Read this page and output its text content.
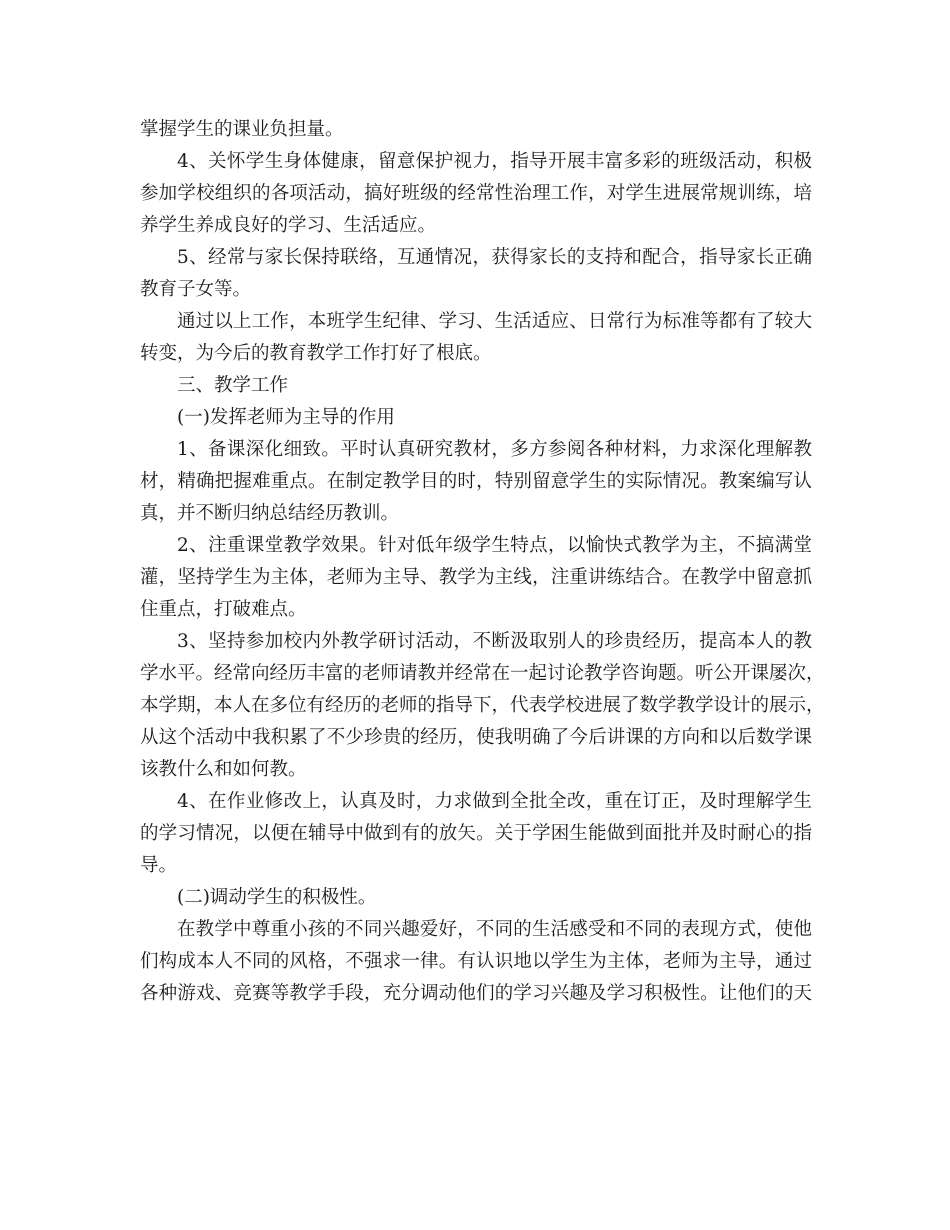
掌握学生的课业负担量。

4、关怀学生身体健康，留意保护视力，指导开展丰富多彩的班级活动，积极

参加学校组织的各项活动，搞好班级的经常性治理工作，对学生进展常规训练，培

养学生养成良好的学习、生活适应。

5、经常与家长保持联络，互通情况，获得家长的支持和配合，指导家长正确

教育子女等。

通过以上工作，本班学生纪律、学习、生活适应、日常行为标准等都有了较大

转变，为今后的教育教学工作打好了根底。

三、教学工作

(一)发挥老师为主导的作用

1、备课深化细致。平时认真研究教材，多方参阅各种材料，力求深化理解教

材，精确把握难重点。在制定教学目的时，特别留意学生的实际情况。教案编写认

真，并不断归纳总结经历教训。

2、注重课堂教学效果。针对低年级学生特点，以愉快式教学为主，不搞满堂

灌，坚持学生为主体，老师为主导、教学为主线，注重讲练结合。在教学中留意抓

住重点，打破难点。

3、坚持参加校内外教学研讨活动，不断汲取别人的珍贵经历，提高本人的教

学水平。经常向经历丰富的老师请教并经常在一起讨论教学咨询题。听公开课屡次，

本学期，本人在多位有经历的老师的指导下，代表学校进展了数学教学设计的展示，

从这个活动中我积累了不少珍贵的经历，使我明确了今后讲课的方向和以后数学课

该教什么和如何教。

4、在作业修改上，认真及时，力求做到全批全改，重在订正，及时理解学生

的学习情况，以便在辅导中做到有的放矢。关于学困生能做到面批并及时耐心的指

导。

(二)调动学生的积极性。

在教学中尊重小孩的不同兴趣爱好，不同的生活感受和不同的表现方式，使他

们构成本人不同的风格，不强求一律。有认识地以学生为主体，老师为主导，通过

各种游戏、竞赛等教学手段，充分调动他们的学习兴趣及学习积极性。让他们的天
